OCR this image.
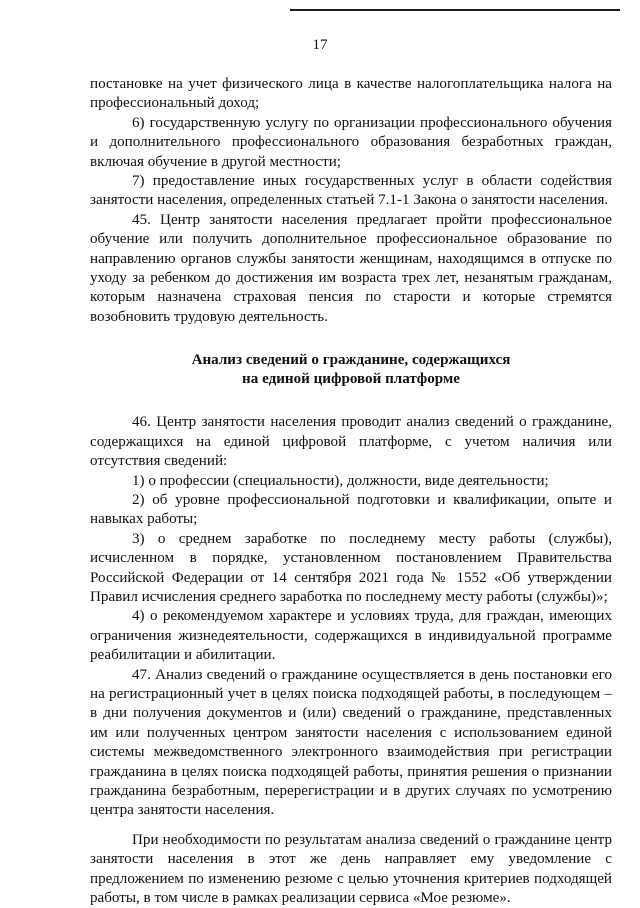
17

постановке на учет физического лица в качестве налогоплательщика налога на профессиональный доход;

6) государственную услугу по организации профессионального обучения и дополнительного профессионального образования безработных граждан, включая обучение в другой местности;

7) предоставление иных государственных услуг в области содействия занятости населения, определенных статьей 7.1-1 Закона о занятости населения.

45. Центр занятости населения предлагает пройти профессиональное обучение или получить дополнительное профессиональное образование по направлению органов службы занятости женщинам, находящимся в отпуске по уходу за ребенком до достижения им возраста трех лет, незанятым гражданам, которым назначена страховая пенсия по старости и которые стремятся возобновить трудовую деятельность.

Анализ сведений о гражданине, содержащихся
на единой цифровой платформе

46. Центр занятости населения проводит анализ сведений о гражданине, содержащихся на единой цифровой платформе, с учетом наличия или отсутствия сведений:

1) о профессии (специальности), должности, виде деятельности;

2) об уровне профессиональной подготовки и квалификации, опыте и навыках работы;

3) о среднем заработке по последнему месту работы (службы), исчисленном в порядке, установленном постановлением Правительства Российской Федерации от 14 сентября 2021 года № 1552 «Об утверждении Правил исчисления среднего заработка по последнему месту работы (службы)»;

4) о рекомендуемом характере и условиях труда, для граждан, имеющих ограничения жизнедеятельности, содержащихся в индивидуальной программе реабилитации и абилитации.

47. Анализ сведений о гражданине осуществляется в день постановки его на регистрационный учет в целях поиска подходящей работы, в последующем – в дни получения документов и (или) сведений о гражданине, представленных им или полученных центром занятости населения с использованием единой системы межведомственного электронного взаимодействия при регистрации гражданина в целях поиска подходящей работы, принятия решения о признании гражданина безработным, перерегистрации и в других случаях по усмотрению центра занятости населения.

При необходимости по результатам анализа сведений о гражданине центр занятости населения в этот же день направляет ему уведомление с предложением по изменению резюме с целью уточнения критериев подходящей работы, в том числе в рамках реализации сервиса «Мое резюме».
